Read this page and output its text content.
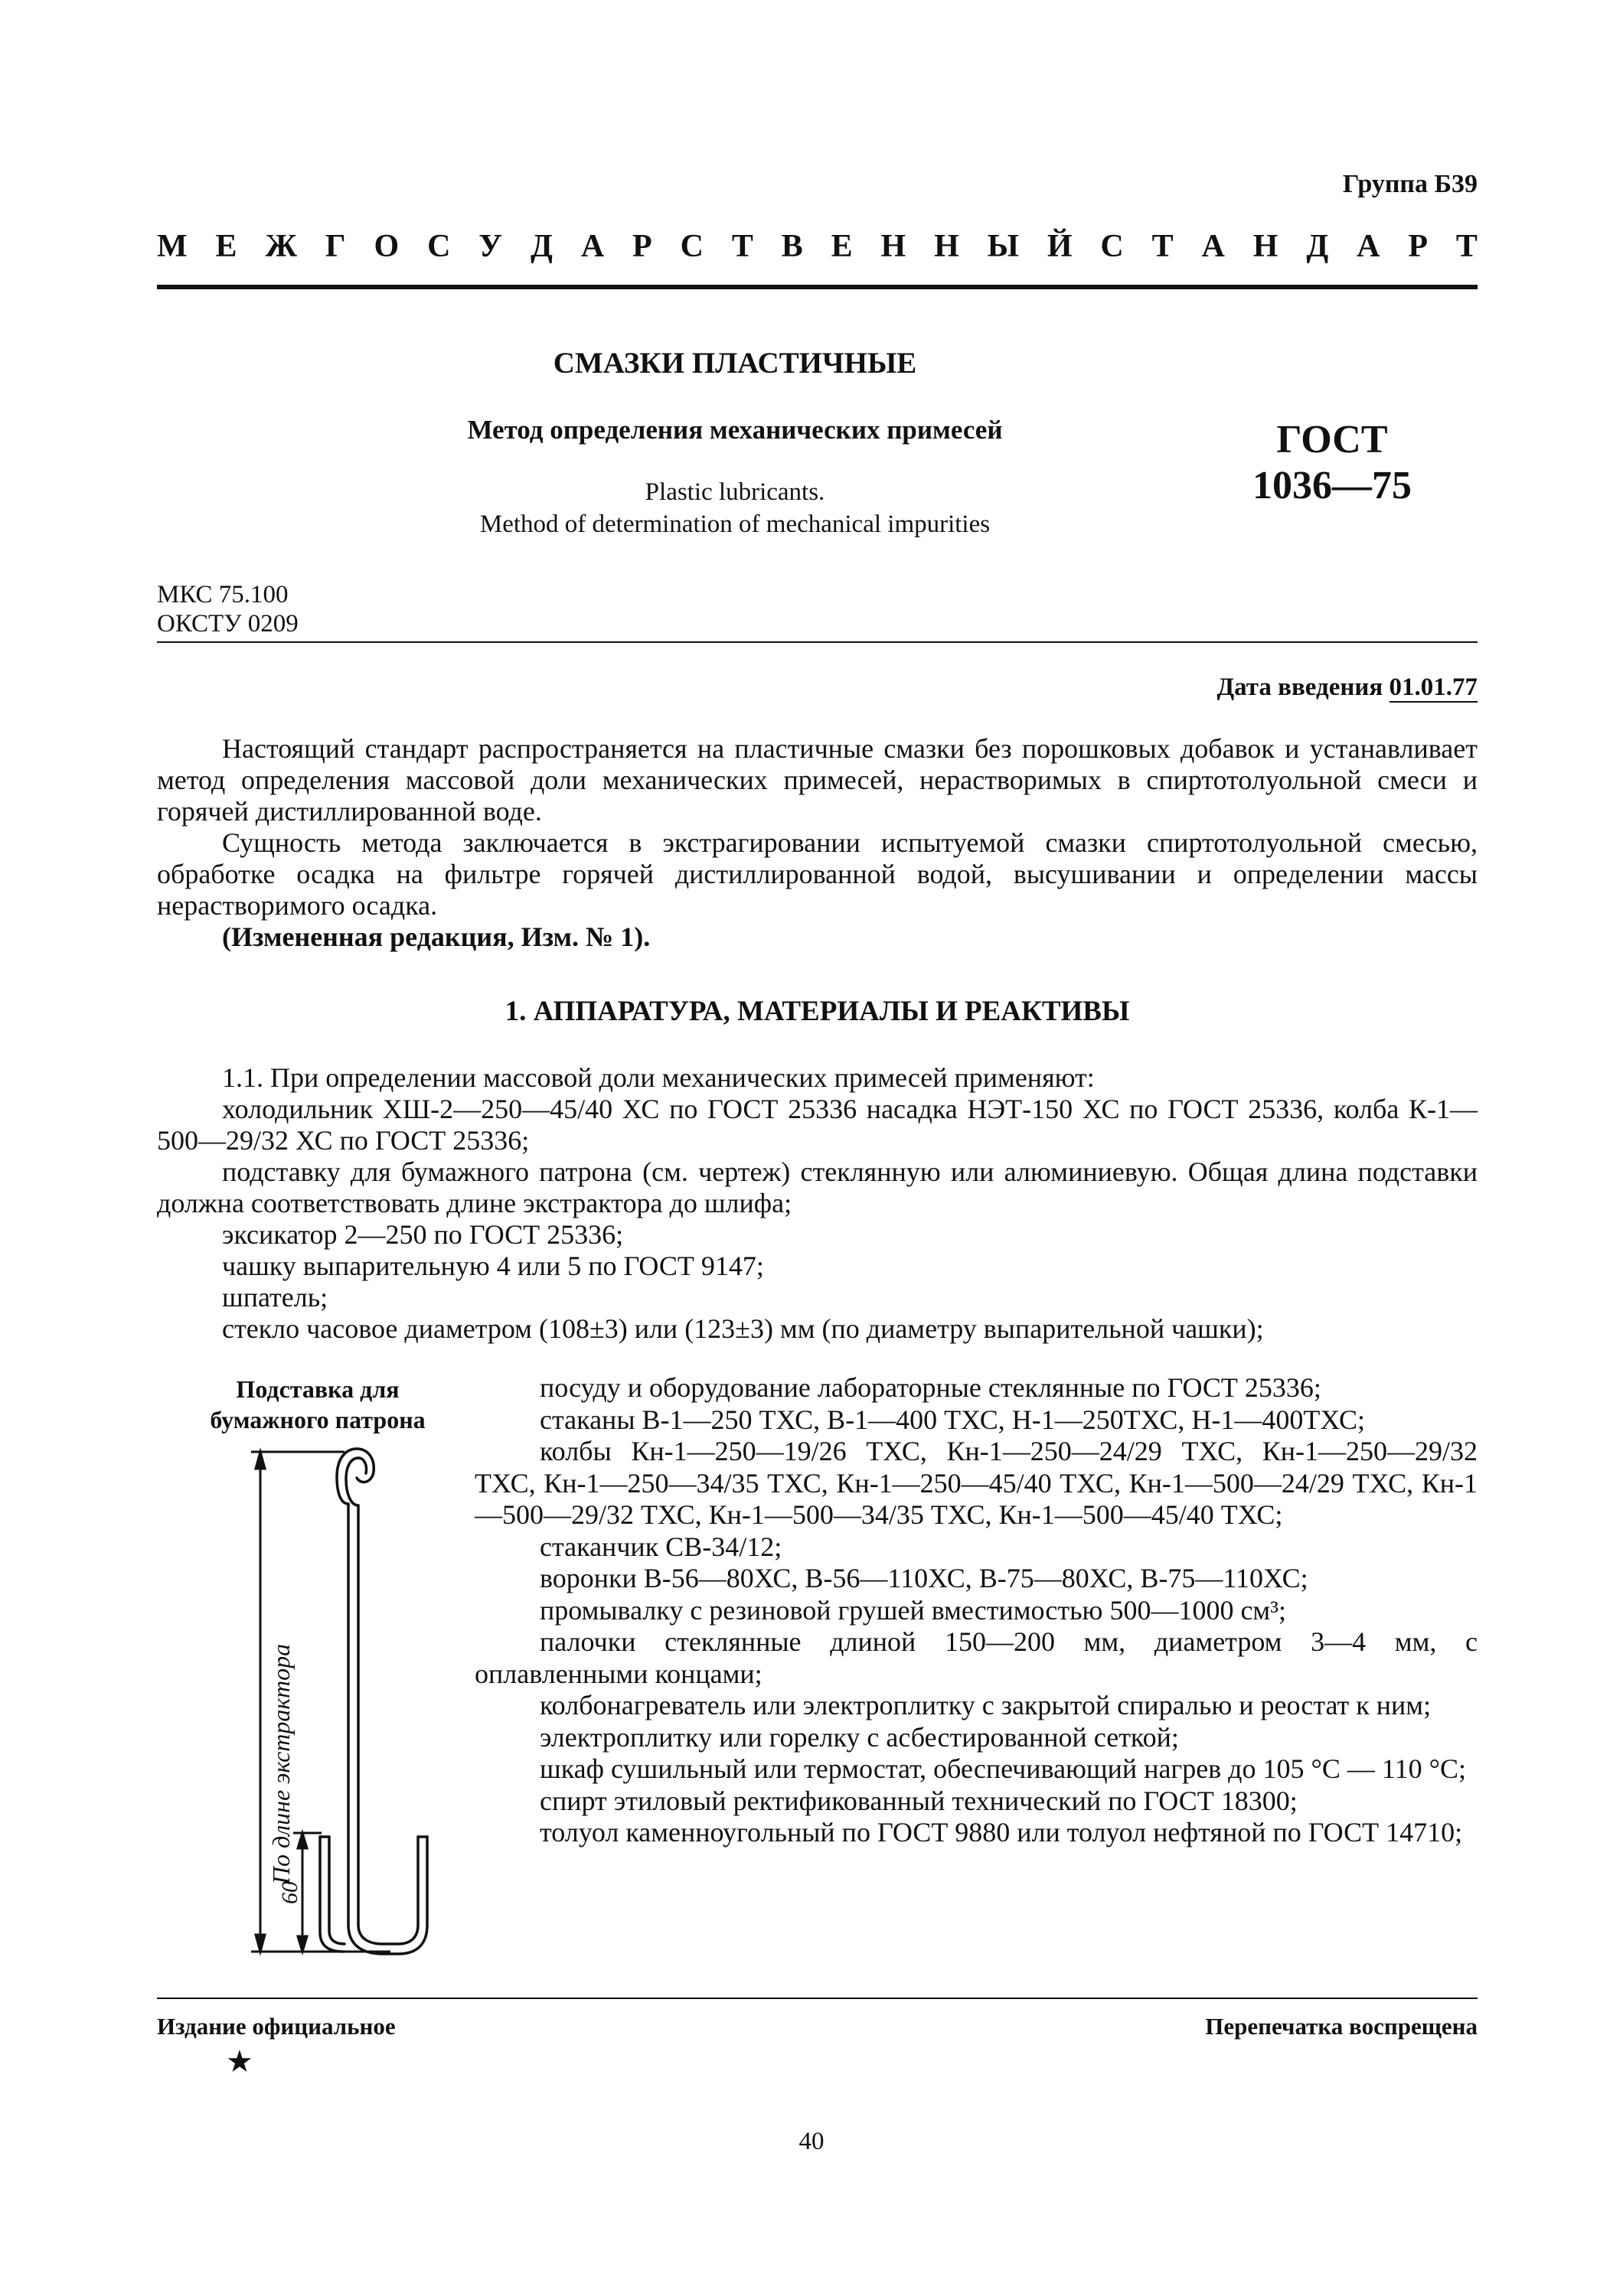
Группа Б39
М Е Ж Г О С У Д А Р С Т В Е Н Н Ы Й С Т А Н Д А Р Т
СМАЗКИ ПЛАСТИЧНЫЕ
Метод определения механических примесей
Plastic lubricants.
Method of determination of mechanical impurities
ГОСТ
1036—75
МКС 75.100
ОКСТУ 0209
Дата введения 01.01.77

Настоящий стандарт распространяется на пластичные смазки без порошковых добавок и устанавливает метод определения массовой доли механических примесей, нерастворимых в спиртотолуольной смеси и горячей дистиллированной воде.

Сущность метода заключается в экстрагировании испытуемой смазки спиртотолуольной смесью, обработке осадка на фильтре горячей дистиллированной водой, высушивании и определении массы нерастворимого осадка.

(Измененная редакция, Изм. № 1).

1. АППАРАТУРА, МАТЕРИАЛЫ И РЕАКТИВЫ

1.1. При определении массовой доли механических примесей применяют:

холодильник ХШ-2—250—45/40 ХС по ГОСТ 25336 насадка НЭТ-150 ХС по ГОСТ 25336, колба К-1—500—29/32 ХС по ГОСТ 25336;

подставку для бумажного патрона (см. чертеж) стеклянную или алюминиевую. Общая длина подставки должна соответствовать длине экстрактора до шлифа;

эксикатор 2—250 по ГОСТ 25336;

чашку выпарительную 4 или 5 по ГОСТ 9147;

шпатель;

стекло часовое диаметром (108±3) или (123±3) мм (по диаметру выпарительной чашки);

Подставка для
бумажного патрона
По длине экстрактора
60

посуду и оборудование лабораторные стеклянные по ГОСТ 25336;

стаканы В-1—250 ТХС, В-1—400 ТХС, Н-1—250ТХС, Н-1—400ТХС;

колбы Кн-1—250—19/26 ТХС, Кн-1—250—24/29 ТХС, Кн-1—250—29/32 ТХС, Кн-1—250—34/35 ТХС, Кн-1—250—45/40 ТХС, Кн-1—500—24/29 ТХС, Кн-1—500—29/32 ТХС, Кн-1—500—34/35 ТХС, Кн-1—500—45/40 ТХС;

стаканчик СВ-34/12;

воронки В-56—80ХС, В-56—110ХС, В-75—80ХС, В-75—110ХС;

промывалку с резиновой грушей вместимостью 500—1000 см³;

палочки стеклянные длиной 150—200 мм, диаметром 3—4 мм, с оплавленными концами;

колбонагреватель или электроплитку с закрытой спиралью и реостат к ним;

электроплитку или горелку с асбестированной сеткой;

шкаф сушильный или термостат, обеспечивающий нагрев до 105 °С — 110 °С;

спирт этиловый ректификованный технический по ГОСТ 18300;

толуол каменноугольный по ГОСТ 9880 или толуол нефтяной по ГОСТ 14710;

Издание официальное
★
Перепечатка воспрещена
40
